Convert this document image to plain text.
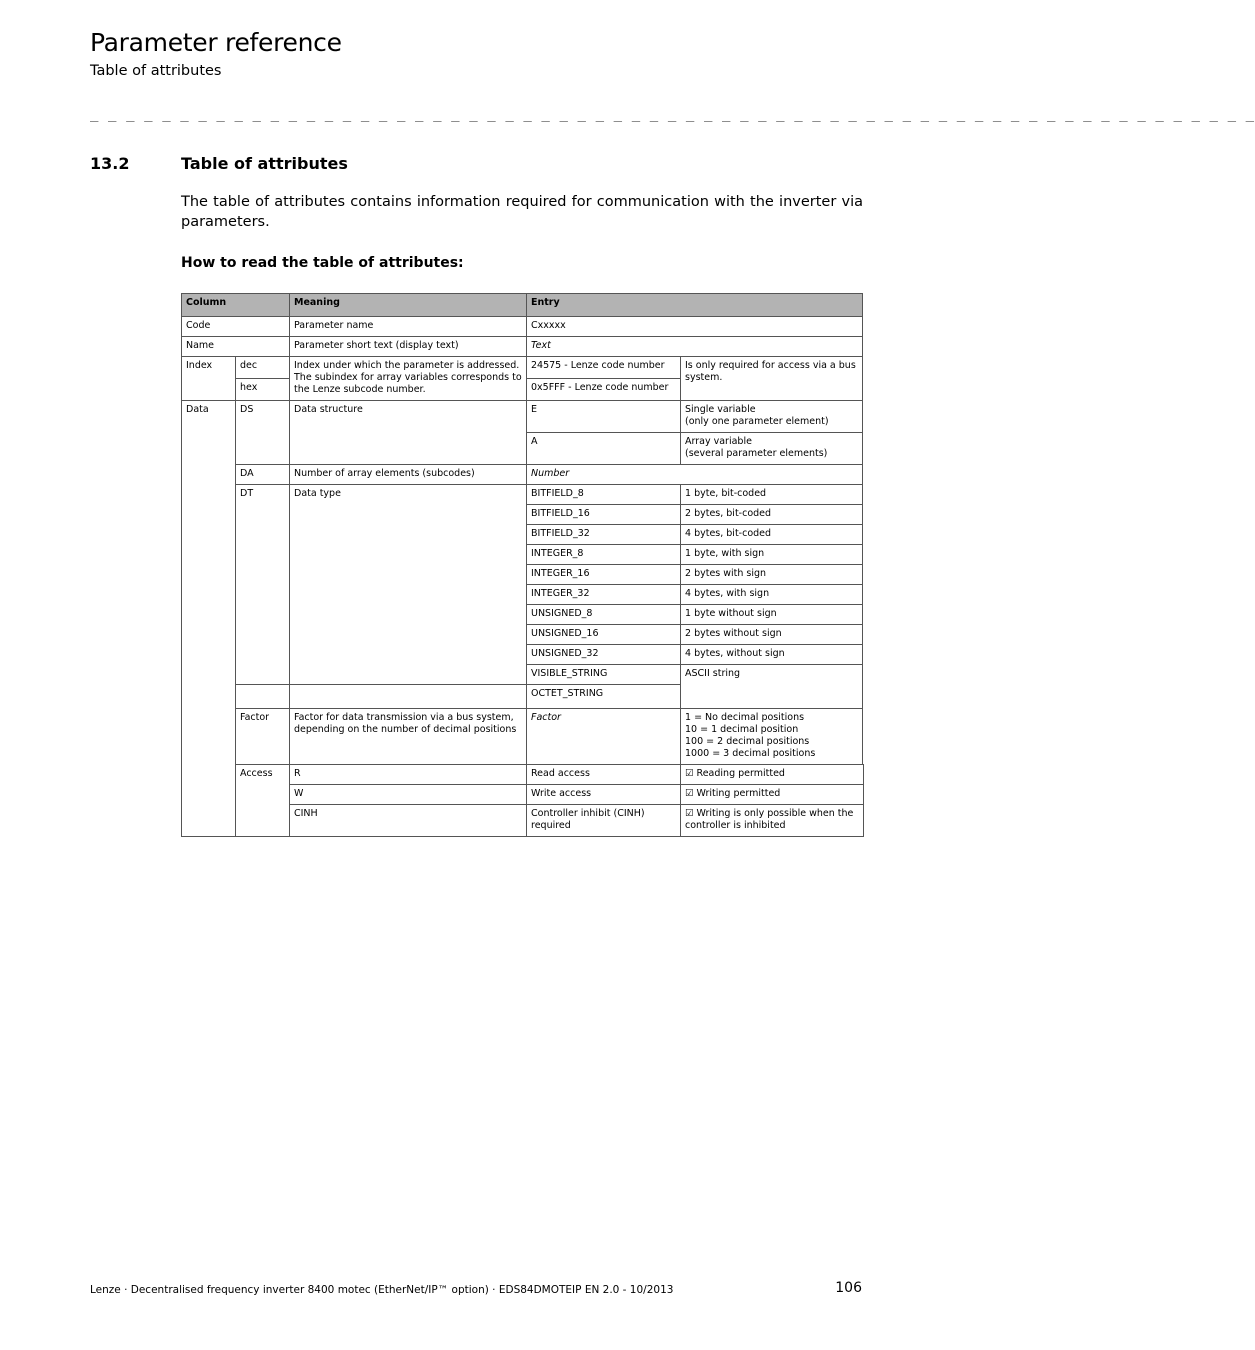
Parameter reference
Table of attributes
_ _ _ _ _ _ _ _ _ _ _ _ _ _ _ _ _ _ _ _ _ _ _ _ _ _ _ _ _ _ _ _ _ _ _ _ _ _ _ _ _ _ _ _ _ _ _ _ _ _ _ _ _ _ _ _ _ _ _ _ _ _ _ _ _
13.2	Table of attributes

The table of attributes contains information required for communication with the inverter via parameters.

How to read the table of attributes:
Column		Meaning	Entry	
Code		Parameter name	Cxxxxx	
Name		Parameter short text (display text)	Text	
Index	dec	Index under which the parameter is addressed. The subindex for array variables corresponds to the Lenze subcode number.	24575 - Lenze code number	Is only required for access via a bus system.
	hex		0x5FFF - Lenze code number	
Data	DS	Data structure	E	Single variable
(only one parameter element)
			A	Array variable
(several parameter elements)
	DA	Number of array elements (subcodes)	Number	
	DT	Data type	BITFIELD_8	1 byte, bit-coded
			BITFIELD_16	2 bytes, bit-coded
			BITFIELD_32	4 bytes, bit-coded
			INTEGER_8	1 byte, with sign
			INTEGER_16	2 bytes with sign
			INTEGER_32	4 bytes, with sign
			UNSIGNED_8	1 byte without sign
			UNSIGNED_16	2 bytes without sign
			UNSIGNED_32	4 bytes, without sign
			VISIBLE_STRING	ASCII string
			OCTET_STRING	
	Factor	Factor for data transmission via a bus system, depending on the number of decimal positions	Factor	1 = No decimal positions
10 = 1 decimal position
100 = 2 decimal positions
1000 = 3 decimal positions
	Access	R	Read access	☑ Reading permitted
		W	Write access	☑ Writing permitted
		CINH	Controller inhibit (CINH) required	☑ Writing is only possible when the controller is inhibited
Lenze · Decentralised frequency inverter 8400 motec (EtherNet/IP™ option) · EDS84DMOTEIP EN 2.0 - 10/2013	106
